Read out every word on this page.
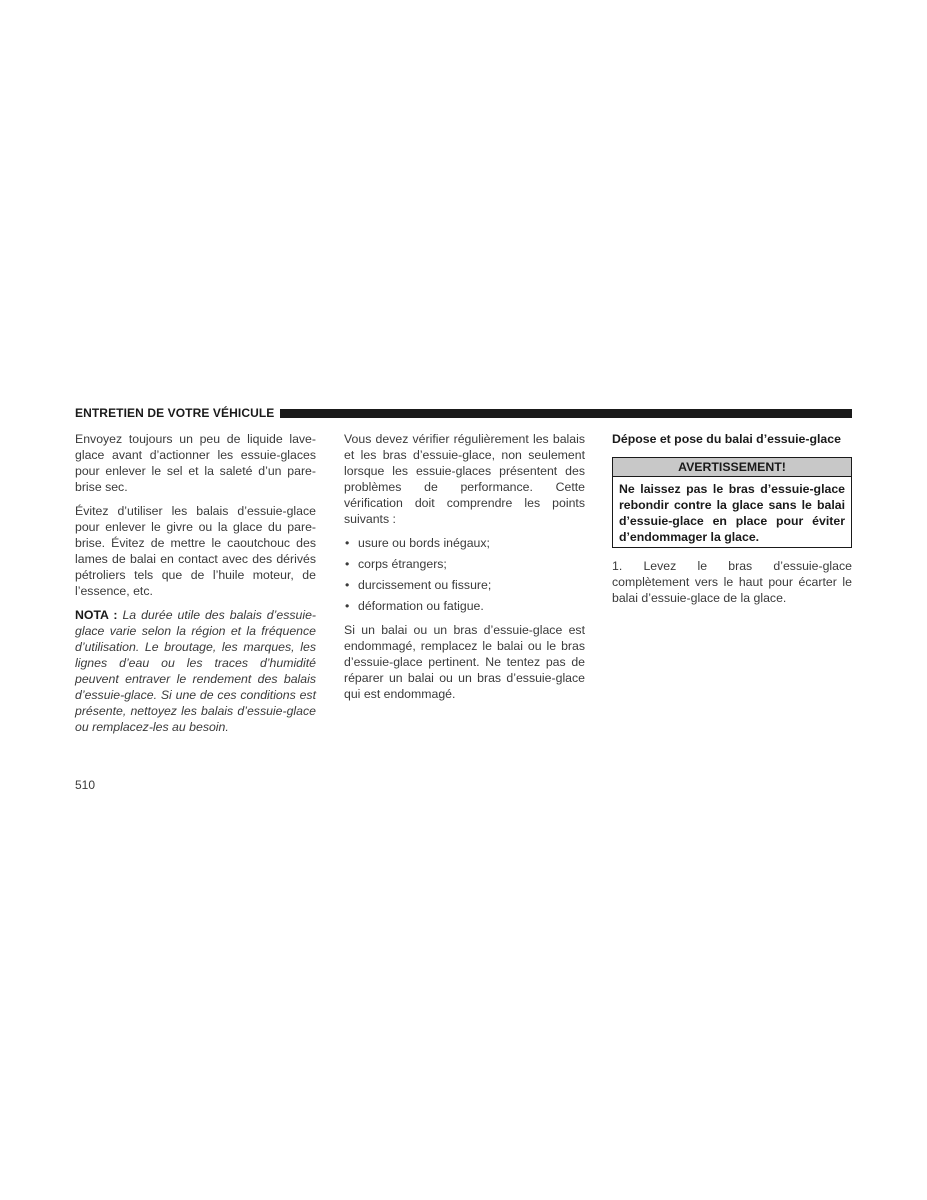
ENTRETIEN DE VOTRE VÉHICULE

Envoyez toujours un peu de liquide lave-glace avant d’actionner les essuie-glaces pour enlever le sel et la saleté d’un pare-brise sec.

Évitez d’utiliser les balais d’essuie-glace pour enlever le givre ou la glace du pare-brise. Évitez de mettre le caoutchouc des lames de balai en contact avec des dérivés pétroliers tels que de l’huile moteur, de l’essence, etc.

NOTA : La durée utile des balais d’essuie-glace varie selon la région et la fréquence d’utilisation. Le broutage, les marques, les lignes d’eau ou les traces d’humidité peuvent entraver le rendement des balais d’essuie-glace. Si une de ces conditions est présente, nettoyez les balais d’essuie-glace ou remplacez-les au besoin.

Vous devez vérifier régulièrement les balais et les bras d’essuie-glace, non seulement lorsque les essuie-glaces présentent des problèmes de performance. Cette vérification doit comprendre les points suivants :

• usure ou bords inégaux;
• corps étrangers;
• durcissement ou fissure;
• déformation ou fatigue.

Si un balai ou un bras d’essuie-glace est endommagé, remplacez le balai ou le bras d’essuie-glace pertinent. Ne tentez pas de réparer un balai ou un bras d’essuie-glace qui est endommagé.

Dépose et pose du balai d’essuie-glace
AVERTISSEMENT!
Ne laissez pas le bras d’essuie-glace rebondir contre la glace sans le balai d’essuie-glace en place pour éviter d’endommager la glace.

1. Levez le bras d’essuie-glace complètement vers le haut pour écarter le balai d’essuie-glace de la glace.

510
